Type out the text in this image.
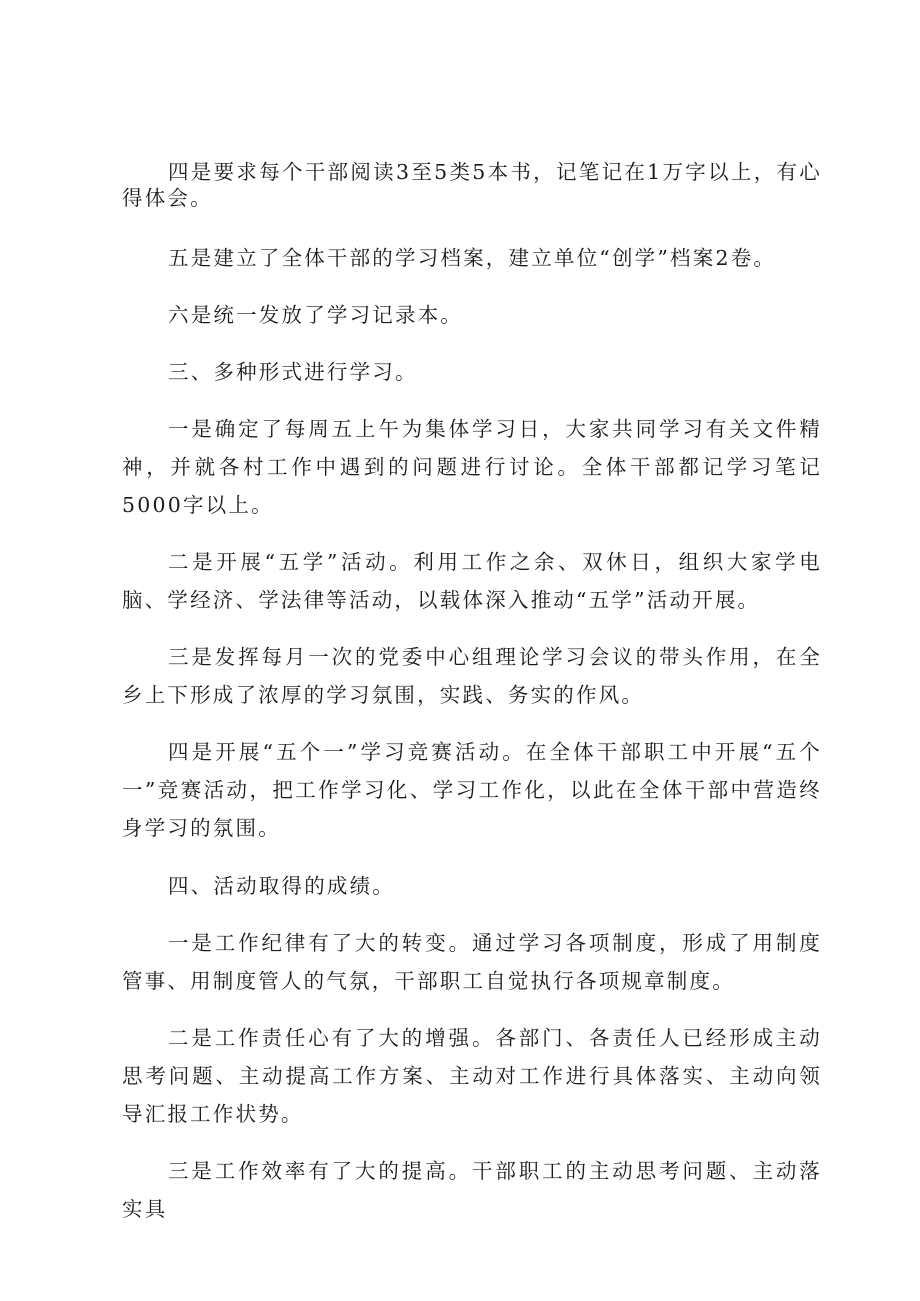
四是要求每个干部阅读3至5类5本书，记笔记在1万字以上，有心得体会。

五是建立了全体干部的学习档案，建立单位“创学”档案2卷。

六是统一发放了学习记录本。

三、多种形式进行学习。

一是确定了每周五上午为集体学习日，大家共同学习有关文件精神，并就各村工作中遇到的问题进行讨论。全体干部都记学习笔记5000字以上。

二是开展“五学”活动。利用工作之余、双休日，组织大家学电脑、学经济、学法律等活动，以载体深入推动“五学”活动开展。

三是发挥每月一次的党委中心组理论学习会议的带头作用，在全乡上下形成了浓厚的学习氛围，实践、务实的作风。

四是开展“五个一”学习竞赛活动。在全体干部职工中开展“五个一”竞赛活动，把工作学习化、学习工作化，以此在全体干部中营造终身学习的氛围。

四、活动取得的成绩。

一是工作纪律有了大的转变。通过学习各项制度，形成了用制度管事、用制度管人的气氛，干部职工自觉执行各项规章制度。

二是工作责任心有了大的增强。各部门、各责任人已经形成主动思考问题、主动提高工作方案、主动对工作进行具体落实、主动向领导汇报工作状势。

三是工作效率有了大的提高。干部职工的主动思考问题、主动落实具
